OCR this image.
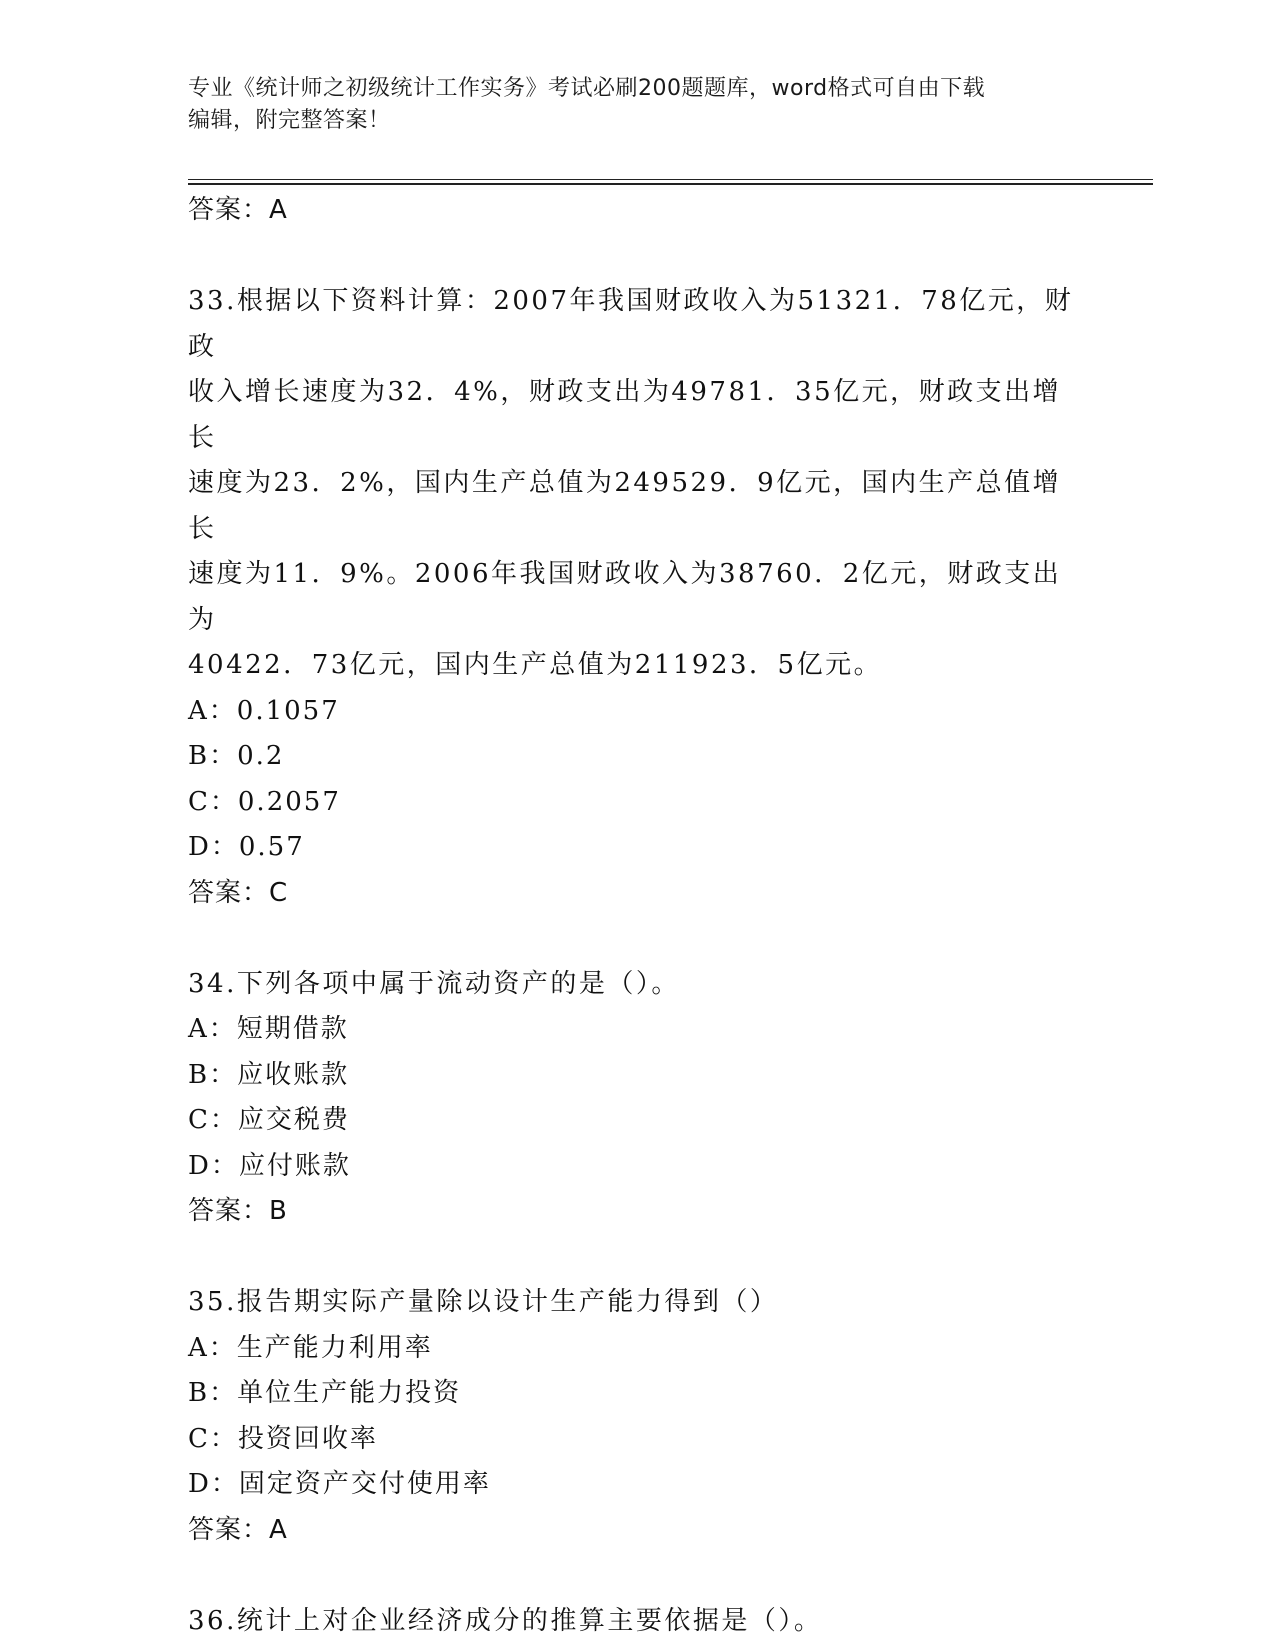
专业《统计师之初级统计工作实务》考试必刷200题题库，word格式可自由下载
编辑，附完整答案！
答案：A
33.根据以下资料计算：2007年我国财政收入为51321．78亿元，财政
收入增长速度为32．4%，财政支出为49781．35亿元，财政支出增长
速度为23．2%，国内生产总值为249529．9亿元，国内生产总值增长
速度为11．9%。2006年我国财政收入为38760．2亿元，财政支出为
40422．73亿元，国内生产总值为211923．5亿元。
A：0.1057
B：0.2
C：0.2057
D：0.57
答案：C
34.下列各项中属于流动资产的是（）。
A：短期借款
B：应收账款
C：应交税费
D：应付账款
答案：B
35.报告期实际产量除以设计生产能力得到（）
A：生产能力利用率
B：单位生产能力投资
C：投资回收率
D：固定资产交付使用率
答案：A
36.统计上对企业经济成分的推算主要依据是（）。
